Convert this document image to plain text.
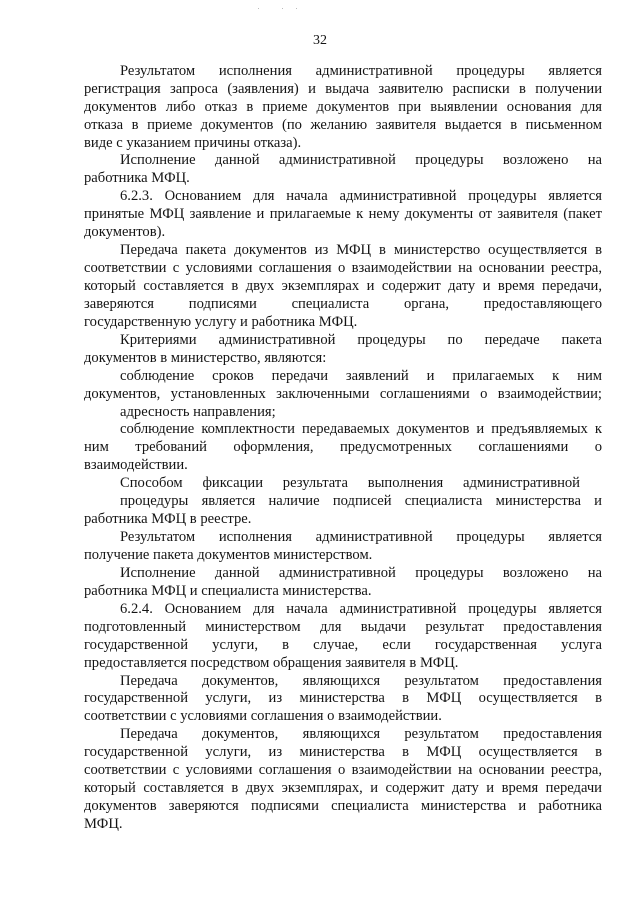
32
Результатом исполнения административной процедуры является
регистрация запроса (заявления) и выдача заявителю расписки в получении
документов либо отказ в приеме документов при выявлении основания для
отказа в приеме документов (по желанию заявителя выдается в письменном
виде с указанием причины отказа).
Исполнение данной административной процедуры возложено на
работника МФЦ.
6.2.3. Основанием для начала административной процедуры является
принятые МФЦ заявление и прилагаемые к нему документы от заявителя (пакет
документов).
Передача пакета документов из МФЦ в министерство осуществляется в
соответствии с условиями соглашения о взаимодействии на основании реестра,
который составляется в двух экземплярах и содержит дату и время передачи,
заверяются подписями специалиста органа, предоставляющего
государственную услугу и работника МФЦ.
Критериями административной процедуры по передаче пакета
документов в министерство, являются:
соблюдение сроков передачи заявлений и прилагаемых к ним
документов, установленных заключенными соглашениями о взаимодействии;
адресность направления;
соблюдение комплектности передаваемых документов и предъявляемых к
ним требований оформления, предусмотренных соглашениями о
взаимодействии.
Способом фиксации результата выполнения административной
процедуры является наличие подписей специалиста министерства и
работника МФЦ в реестре.
Результатом исполнения административной процедуры является
получение пакета документов министерством.
Исполнение данной административной процедуры возложено на
работника МФЦ и специалиста министерства.
6.2.4. Основанием для начала административной процедуры является
подготовленный министерством для выдачи результат предоставления
государственной услуги, в случае, если государственная услуга
предоставляется посредством обращения заявителя в МФЦ.
Передача документов, являющихся результатом предоставления
государственной услуги, из министерства в МФЦ осуществляется в
соответствии с условиями соглашения о взаимодействии.
Передача документов, являющихся результатом предоставления
государственной услуги, из министерства в МФЦ осуществляется в
соответствии с условиями соглашения о взаимодействии на основании реестра,
который составляется в двух экземплярах, и содержит дату и время передачи
документов заверяются подписями специалиста министерства и работника
МФЦ.
